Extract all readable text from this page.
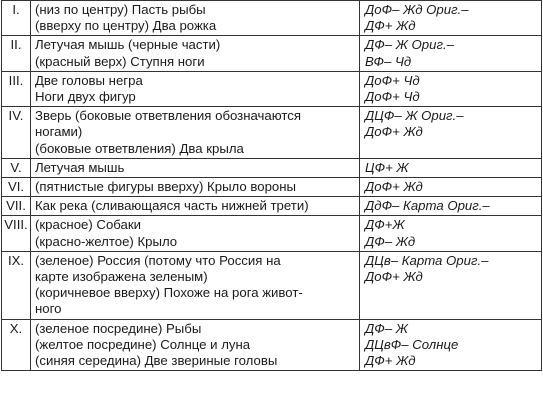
I.	(низ по центру) Пасть рыбы
(вверху по центру) Два рожка	ДоФ– Жд Ориг.–
ДФ+ Жд

II.	Летучая мышь (черные части)
(красный верх) Ступня ноги	ДФ– Ж Ориг.–
ВФ– Чд

III.	Две головы негра
Ноги двух фигур	ДоФ+ Чд
ДоФ+ Чд

IV.	Зверь (боковые ответвления обозначаются
ногами)
(боковые ответвления) Два крыла	ДЦФ– Ж Ориг.–
ДоФ+ Жд

V.	Летучая мышь	ЦФ+ Ж

VI.	(пятнистые фигуры вверху) Крыло вороны	ДоФ+ Жд

VII.	Как река (сливающаяся часть нижней трети)	ДдФ– Карта Ориг.–

VIII.	(красное) Собаки
(красно-желтое) Крыло	ДФ+Ж
ДФ– Жд

IX.	(зеленое) Россия (потому что Россия на
карте изображена зеленым)
(коричневое вверху) Похоже на рога живот-
ного	ДЦв– Карта Ориг.–
ДоФ+ Жд

X.	(зеленое посредине) Рыбы
(желтое посредине) Солнце и луна
(синяя середина) Две звериные головы	ДФ– Ж
ДЦвФ– Солнце
ДФ+ Жд
